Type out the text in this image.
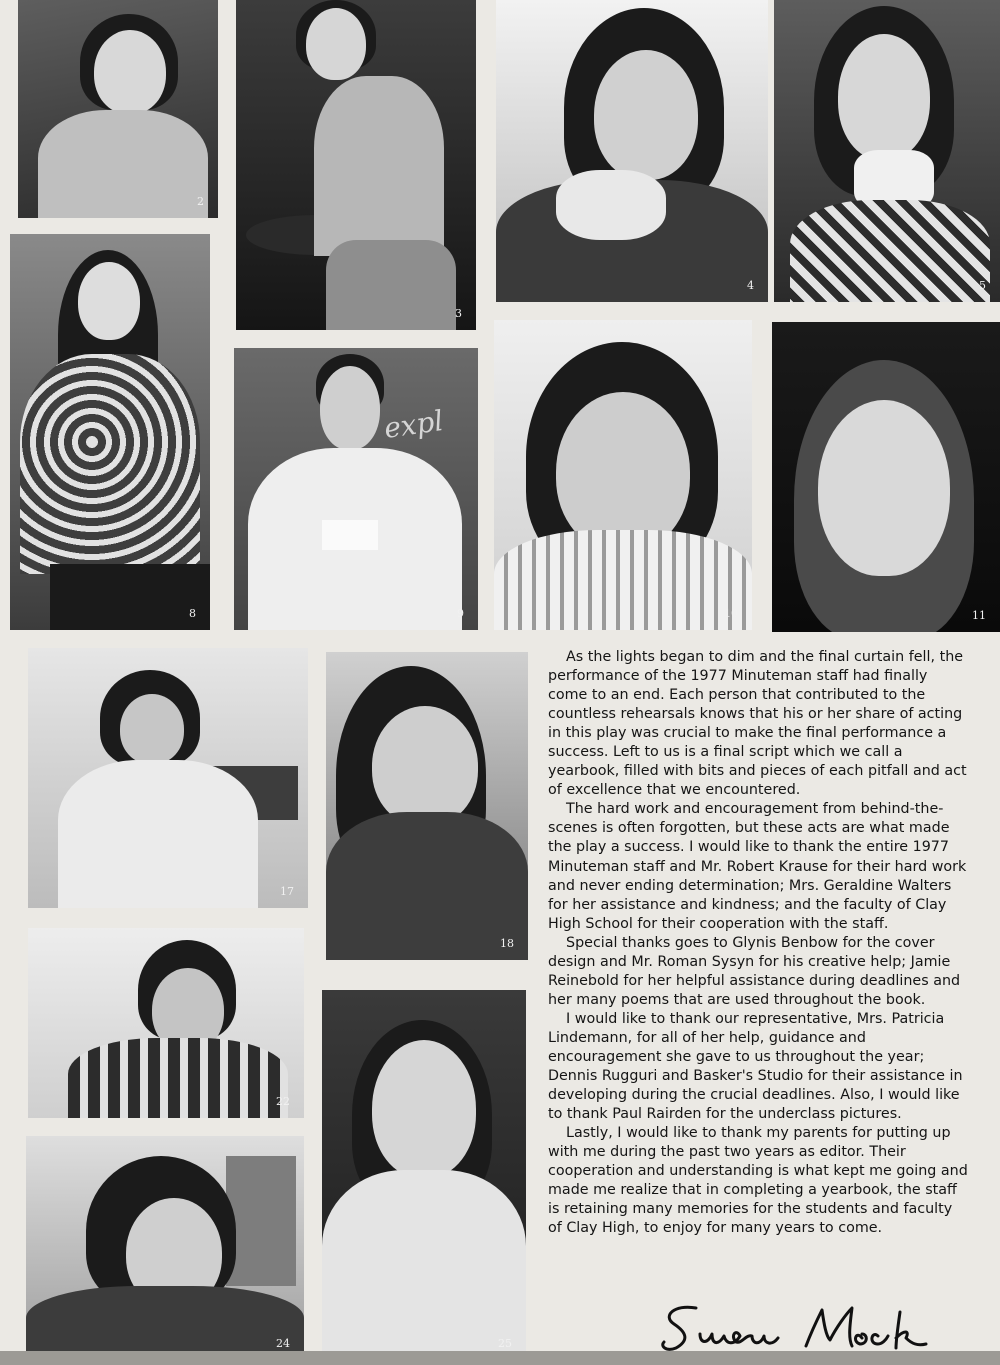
2
3
4	5
8
expl
9	10	11
17
18
22
24	25

As the lights began to dim and the final curtain fell, the performance of the 1977 Minuteman staff had finally come to an end. Each person that contributed to the countless rehearsals knows that his or her share of acting in this play was crucial to make the final performance a success. Left to us is a final script which we call a yearbook, filled with bits and pieces of each pitfall and act of excellence that we encountered.

The hard work and encouragement from behind-the-scenes is often forgotten, but these acts are what made the play a success. I would like to thank the entire 1977 Minuteman staff and Mr. Robert Krause for their hard work and never ending determination; Mrs. Geraldine Walters for her assistance and kindness; and the faculty of Clay High School for their cooperation with the staff.

Special thanks goes to Glynis Benbow for the cover design and Mr. Roman Sysyn for his creative help; Jamie Reinebold for her helpful assistance during deadlines and her many poems that are used throughout the book.

I would like to thank our representative, Mrs. Patricia Lindemann, for all of her help, guidance and encouragement she gave to us throughout the year; Dennis Rugguri and Basker's Studio for their assistance in developing during the crucial deadlines. Also, I would like to thank Paul Rairden for the underclass pictures.

Lastly, I would like to thank my parents for putting up with me during the past two years as editor. Their cooperation and understanding is what kept me going and made me realize that in completing a yearbook, the staff is retaining many memories for the students and faculty of Clay High, to enjoy for many years to come.
